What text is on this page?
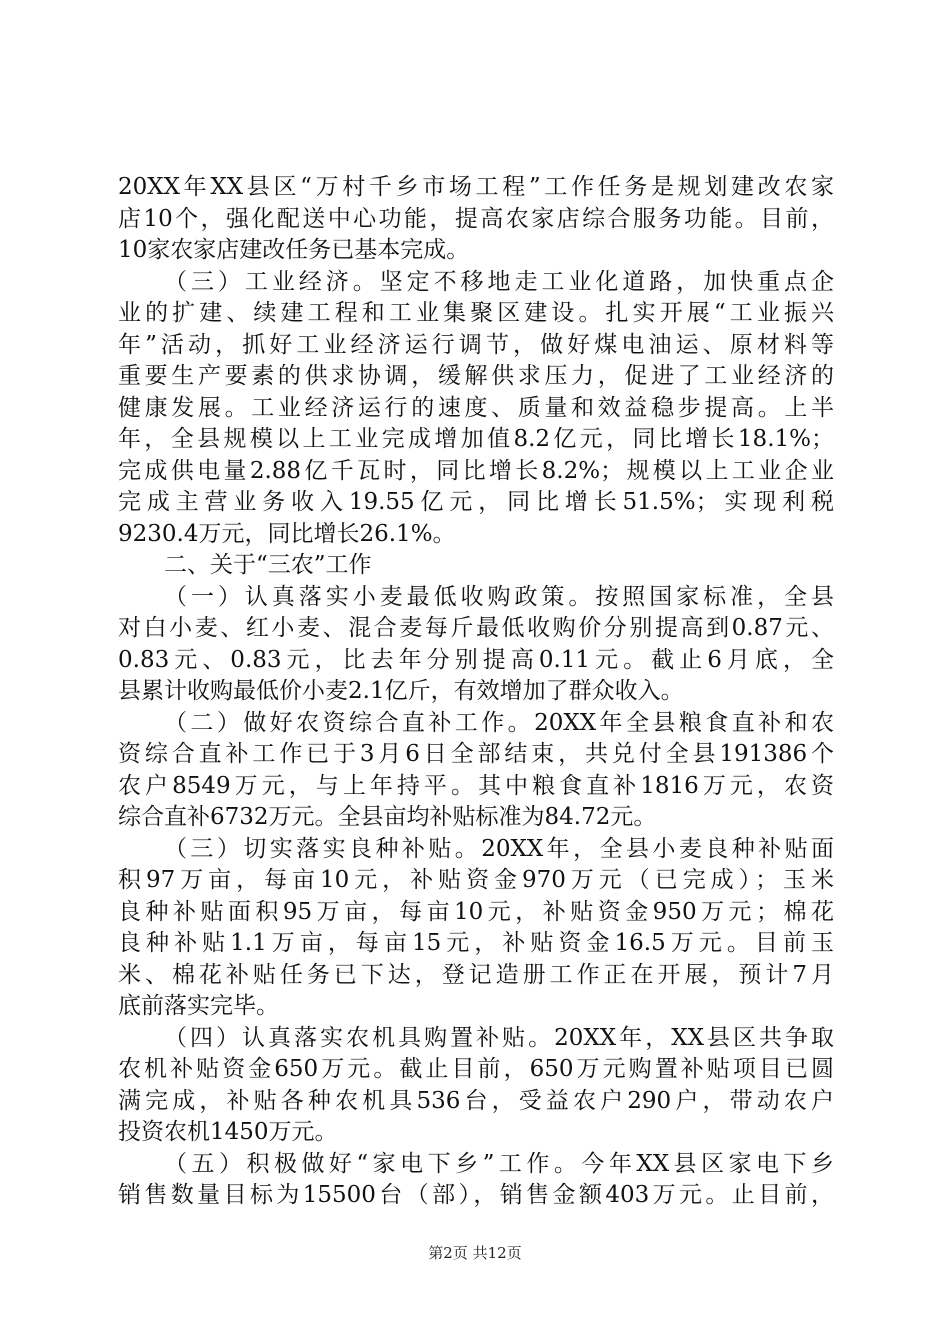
20XX年XX县区“万村千乡市场工程”工作任务是规划建改农家
店10个，强化配送中心功能，提高农家店综合服务功能。目前，
10家农家店建改任务已基本完成。
（三）工业经济。坚定不移地走工业化道路，加快重点企
业的扩建、续建工程和工业集聚区建设。扎实开展“工业振兴
年”活动，抓好工业经济运行调节，做好煤电油运、原材料等
重要生产要素的供求协调，缓解供求压力，促进了工业经济的
健康发展。工业经济运行的速度、质量和效益稳步提高。上半
年，全县规模以上工业完成增加值8.2亿元，同比增长18.1%；
完成供电量2.88亿千瓦时，同比增长8.2%；规模以上工业企业
完成主营业务收入19.55亿元，同比增长51.5%；实现利税
9230.4万元，同比增长26.1%。
二、关于“三农”工作
（一）认真落实小麦最低收购政策。按照国家标准，全县
对白小麦、红小麦、混合麦每斤最低收购价分别提高到0.87元、
0.83元、0.83元，比去年分别提高0.11元。截止6月底，全
县累计收购最低价小麦2.1亿斤，有效增加了群众收入。
（二）做好农资综合直补工作。20XX年全县粮食直补和农
资综合直补工作已于3月6日全部结束，共兑付全县191386个
农户8549万元，与上年持平。其中粮食直补1816万元，农资
综合直补6732万元。全县亩均补贴标准为84.72元。
（三）切实落实良种补贴。20XX年，全县小麦良种补贴面
积97万亩，每亩10元，补贴资金970万元（已完成）；玉米
良种补贴面积95万亩，每亩10元，补贴资金950万元；棉花
良种补贴1.1万亩，每亩15元，补贴资金16.5万元。目前玉
米、棉花补贴任务已下达，登记造册工作正在开展，预计7月
底前落实完毕。
（四）认真落实农机具购置补贴。20XX年，XX县区共争取
农机补贴资金650万元。截止目前，650万元购置补贴项目已圆
满完成，补贴各种农机具536台，受益农户290户，带动农户
投资农机1450万元。
（五）积极做好“家电下乡”工作。今年XX县区家电下乡
销售数量目标为15500台（部），销售金额403万元。止目前，
第2页 共12页
